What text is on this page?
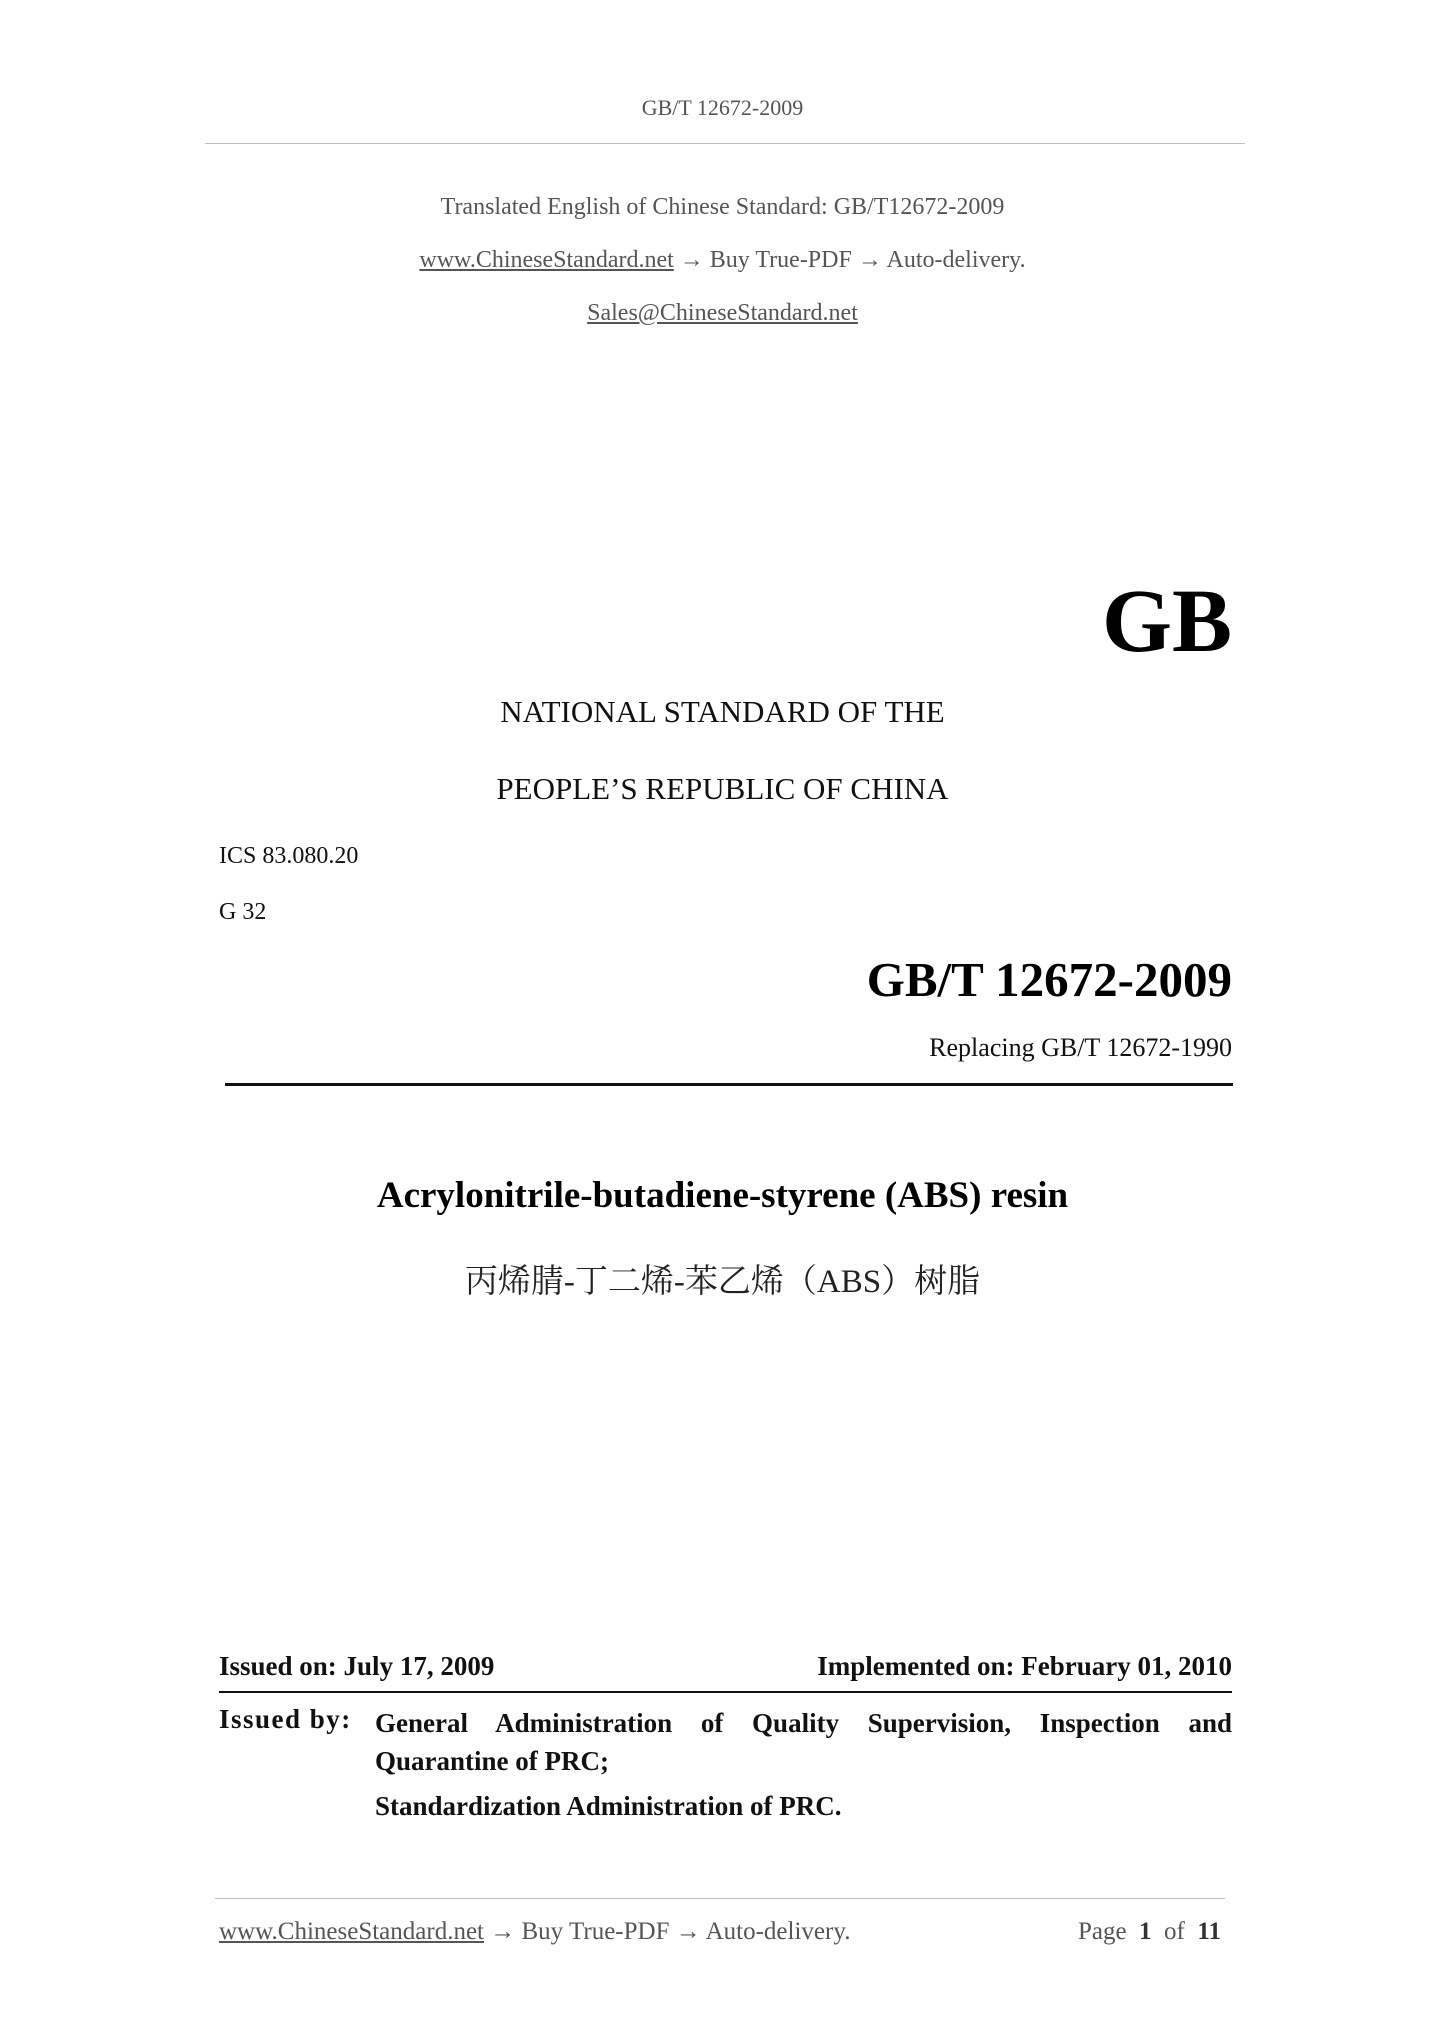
GB/T 12672-2009
Translated English of Chinese Standard: GB/T12672-2009
www.ChineseStandard.net → Buy True-PDF → Auto-delivery.
Sales@ChineseStandard.net
GB
NATIONAL STANDARD OF THE
PEOPLE’S REPUBLIC OF CHINA
ICS 83.080.20
G 32
GB/T 12672-2009
Replacing GB/T 12672-1990
Acrylonitrile-butadiene-styrene (ABS) resin
丙烯腈-丁二烯-苯乙烯（ABS）树脂
Issued on: July 17, 2009	Implemented on: February 01, 2010
Issued by: General Administration of Quality Supervision, Inspection and Quarantine of PRC;
Standardization Administration of PRC.
www.ChineseStandard.net → Buy True-PDF → Auto-delivery.	Page 1 of 11
